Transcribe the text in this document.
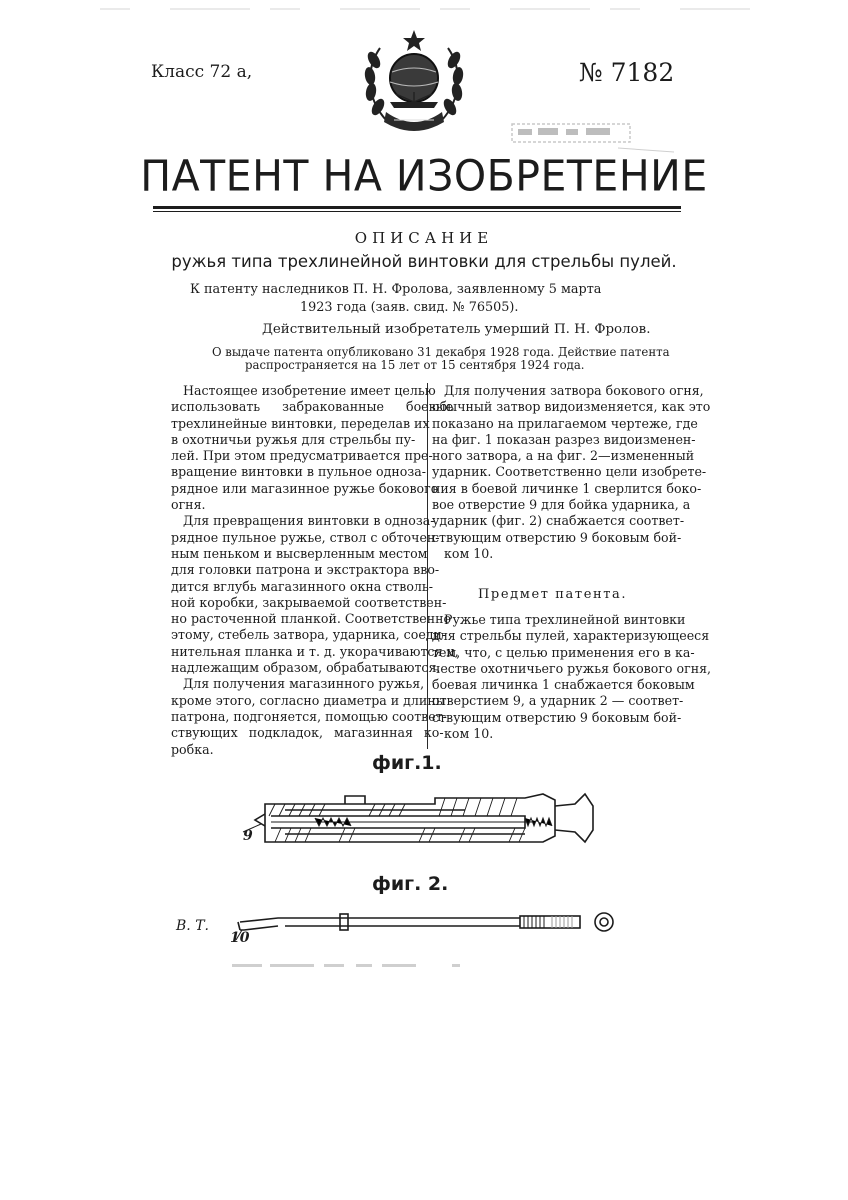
Класс 72 а,	№ 7182
ПАТЕНТ НА ИЗОБРЕТЕНИЕ
ОПИСАНИЕ
ружья типа трехлинейной винтовки для стрельбы пулей.
К патенту наследников П. Н. Фролова, заявленному 5 марта
1923 года (заяв. свид. № 76505).
Действительный изобретатель умерший П. Н. Фролов.
О выдаче патента опубликовано 31 декабря 1928 года. Действие патента
распространяется на 15 лет от 15 сентября 1924 года.
Настоящее изобретение имеет целью
использовать забракованные боевые
трехлинейные винтовки, переделав их
в охотничьи ружья для стрельбы пу-
лей. При этом предусматривается пре-
вращение винтовки в пульное одноза-
рядное или магазинное ружье бокового
огня.
Для превращения винтовки в одноза-
рядное пульное ружье, ствол с обточен-
ным пеньком и высверленным местом
для головки патрона и экстрактора вво-
дится вглубь магазинного окна стволь-
ной коробки, закрываемой соответствен-
но расточенной планкой. Соответственно
этому, стебель затвора, ударника, соеди-
нительная планка и т. д. укорачиваются и,
надлежащим образом, обрабатываются.
Для получения магазинного ружья,
кроме этого, согласно диаметра и длины
патрона, подгоняется, помощью соответ-
ствующих подкладок, магазинная ко-
робка.
Для получения затвора бокового огня,
обычный затвор видоизменяется, как это
показано на прилагаемом чертеже, где
на фиг. 1 показан разрез видоизменен-
ного затвора, а на фиг. 2—измененный
ударник. Соответственно цели изобрете-
ния в боевой личинке 1 сверлится боко-
вое отверстие 9 для бойка ударника, а
ударник (фиг. 2) снабжается соответ-
ствующим отверстию 9 боковым бой-
ком 10.
Предмет патента.
Ружье типа трехлинейной винтовки
для стрельбы пулей, характеризующееся
тем, что, с целью применения его в ка-
честве охотничьего ружья бокового огня,
боевая личинка 1 снабжается боковым
отверстием 9, а ударник 2 — соответ-
ствующим отверстию 9 боковым бой-
ком 10.
фиг.1.
9
фиг. 2.
В. Т.
10
